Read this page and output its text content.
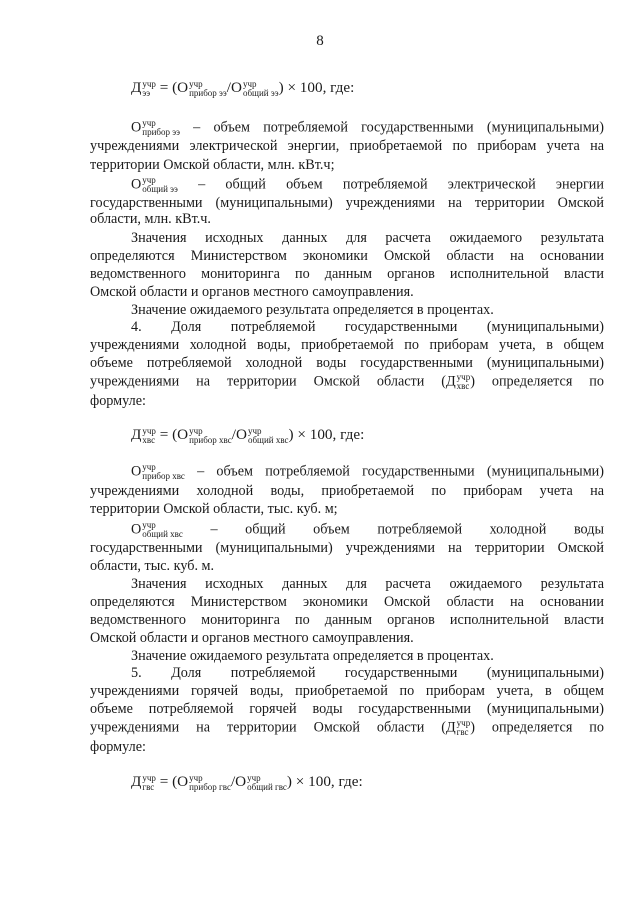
8
Д учр
ээ = (О учр
прибор ээ /О учр
общий ээ ) × 100, где:
О учр
прибор ээ – объем потребляемой государственными (муниципальными)
учреждениями электрической энергии, приобретаемой по приборам учета на
территории Омской области, млн. кВт.ч;
О учр
общий ээ – общий объем потребляемой электрической энергии
государственными (муниципальными) учреждениями на территории Омской
области, млн. кВт.ч.
Значения исходных данных для расчета ожидаемого результата
определяются Министерством экономики Омской области на основании
ведомственного мониторинга по данным органов исполнительной власти
Омской области и органов местного самоуправления.
Значение ожидаемого результата определяется в процентах.
4. Доля потребляемой государственными (муниципальными)
учреждениями холодной воды, приобретаемой по приборам учета, в общем
объеме потребляемой холодной воды государственными (муниципальными)
учреждениями на территории Омской области (Д учр
хвс ) определяется по
формуле:
Д учр
хвс = (О учр
прибор хвс /О учр
общий хвс ) × 100, где:
О учр
прибор хвс – объем потребляемой государственными (муниципальными)
учреждениями холодной воды, приобретаемой по приборам учета на
территории Омской области, тыс. куб. м;
О учр
общий хвс – общий объем потребляемой холодной воды
государственными (муниципальными) учреждениями на территории Омской
области, тыс. куб. м.
Значения исходных данных для расчета ожидаемого результата
определяются Министерством экономики Омской области на основании
ведомственного мониторинга по данным органов исполнительной власти
Омской области и органов местного самоуправления.
Значение ожидаемого результата определяется в процентах.
5. Доля потребляемой государственными (муниципальными)
учреждениями горячей воды, приобретаемой по приборам учета, в общем
объеме потребляемой горячей воды государственными (муниципальными)
учреждениями на территории Омской области (Д учр
гвс ) определяется по
формуле:
Д учр
гвс = (О учр
прибор гвс /О учр
общий гвс ) × 100, где:
